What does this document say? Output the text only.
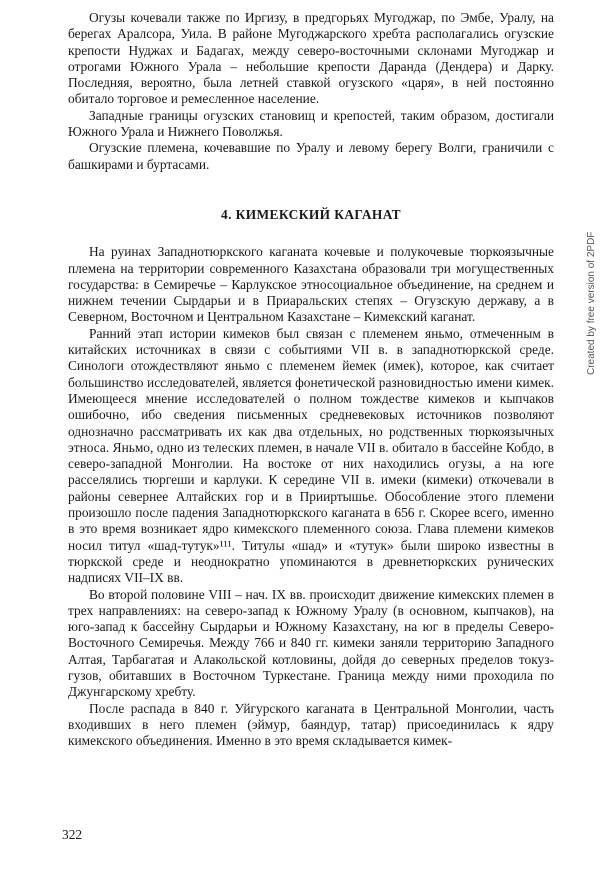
Огузы кочевали также по Иргизу, в предгорьях Мугоджар, по Эмбе, Уралу, на берегах Аралсора, Уила. В районе Мугоджарского хребта располагались огузские крепости Нуджах и Бадагах, между северо-восточными склонами Мугоджар и отрогами Южного Урала – небольшие крепости Даранда (Дендера) и Дарку. Последняя, вероятно, была летней ставкой огузского «царя», в ней постоянно обитало торговое и ремесленное население.

Западные границы огузских становищ и крепостей, таким образом, достигали Южного Урала и Нижнего Поволжья.

Огузские племена, кочевавшие по Уралу и левому берегу Волги, граничили с башкирами и буртасами.

4. КИМЕКСКИЙ КАГАНАТ

На руинах Западнотюркского каганата кочевые и полукочевые тюркоязычные племена на территории современного Казахстана образовали три могущественных государства: в Семиречье – Карлукское этносоциальное объединение, на среднем и нижнем течении Сырдарьи и в Приаральских степях – Огузскую державу, а в Северном, Восточном и Центральном Казахстане – Кимекский каганат.

Ранний этап истории кимеков был связан с племенем яньмо, отмеченным в китайских источниках в связи с событиями VII в. в западнотюркской среде. Синологи отождествляют яньмо с племенем йемек (имек), которое, как считает большинство исследователей, является фонетической разновидностью имени кимек. Имеющееся мнение исследователей о полном тождестве кимеков и кыпчаков ошибочно, ибо сведения письменных средневековых источников позволяют однозначно рассматривать их как два отдельных, но родственных тюркоязычных этноса. Яньмо, одно из телеских племен, в начале VII в. обитало в бассейне Кобдо, в северо-западной Монголии. На востоке от них находились огузы, а на юге расселялись тюргеши и карлуки. К середине VII в. имеки (кимеки) откочевали в районы севернее Алтайских гор и в Прииртышье. Обособление этого племени произошло после падения Западнотюркского каганата в 656 г. Скорее всего, именно в это время возникает ядро кимекского племенного союза. Глава племени кимеков носил титул «шад-тутук»¹¹¹. Титулы «шад» и «тутук» были широко известны в тюркской среде и неоднократно упоминаются в древнетюркских рунических надписях VII–IX вв.

Во второй половине VIII – нач. IX вв. происходит движение кимекских племен в трех направлениях: на северо-запад к Южному Уралу (в основном, кыпчаков), на юго-запад к бассейну Сырдарьи и Южному Казахстану, на юг в пределы Северо-Восточного Семиречья. Между 766 и 840 гг. кимеки заняли территорию Западного Алтая, Тарбагатая и Алакольской котловины, дойдя до северных пределов токуз-гузов, обитавших в Восточном Туркестане. Граница между ними проходила по Джунгарскому хребту.

После распада в 840 г. Уйгурского каганата в Центральной Монголии, часть входивших в него племен (эймур, баяндур, татар) присоединилась к ядру кимекского объединения. Именно в это время складывается кимек-

322
Created by free version of 2PDF
